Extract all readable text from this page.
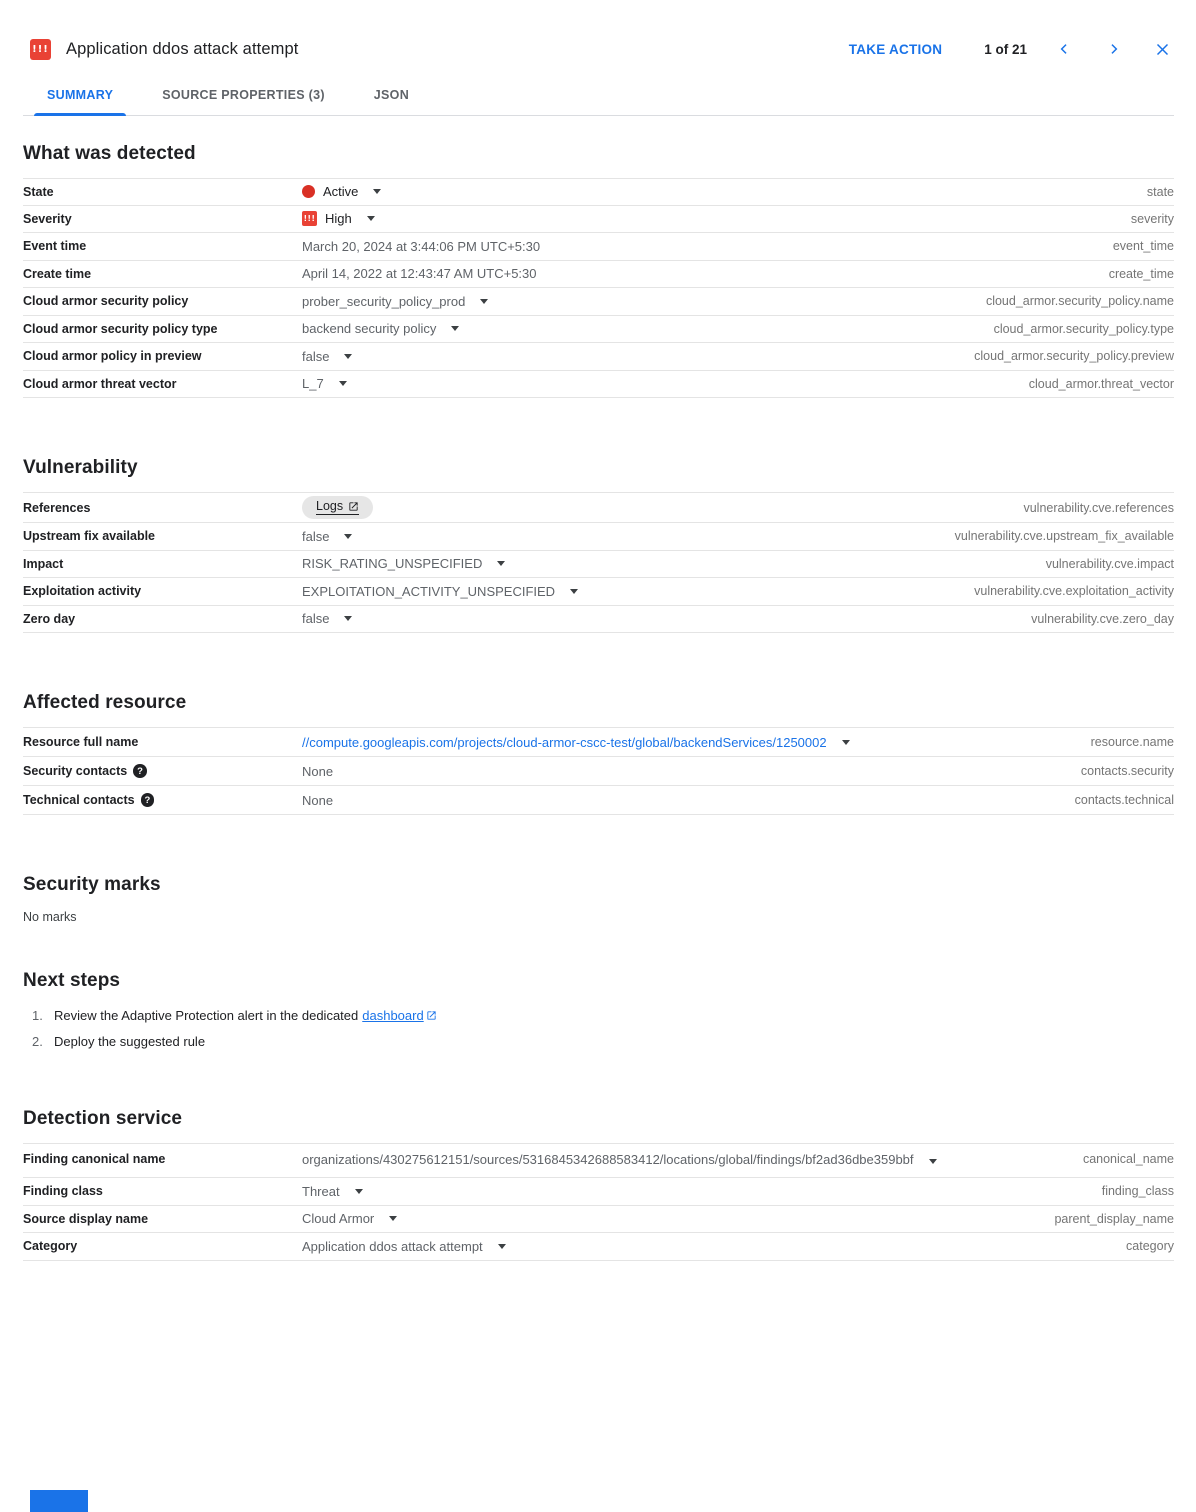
!!! Application ddos attack attempt	TAKE ACTION	1 of 21
SUMMARY	SOURCE PROPERTIES (3)	JSON
What was detected
State	Active	state
Severity	!!! High	severity
Event time	March 20, 2024 at 3:44:06 PM UTC+5:30	event_time
Create time	April 14, 2022 at 12:43:47 AM UTC+5:30	create_time
Cloud armor security policy	prober_security_policy_prod	cloud_armor.security_policy.name
Cloud armor security policy type	backend security policy	cloud_armor.security_policy.type
Cloud armor policy in preview	false	cloud_armor.security_policy.preview
Cloud armor threat vector	L_7	cloud_armor.threat_vector
Vulnerability
References	Logs	vulnerability.cve.references
Upstream fix available	false	vulnerability.cve.upstream_fix_available
Impact	RISK_RATING_UNSPECIFIED	vulnerability.cve.impact
Exploitation activity	EXPLOITATION_ACTIVITY_UNSPECIFIED	vulnerability.cve.exploitation_activity
Zero day	false	vulnerability.cve.zero_day
Affected resource
Resource full name	//compute.googleapis.com/projects/cloud-armor-cscc-test/global/backendServices/1250002	resource.name
Security contacts	?	None	contacts.security
Technical contacts	?	None	contacts.technical
Security marks
No marks
Next steps
1. Review the Adaptive Protection alert in the dedicated dashboard
2. Deploy the suggested rule
Detection service
Finding canonical name	organizations/430275612151/sources/5316845342688583412/locations/global/findings/bf2ad36dbe359bbf	canonical_name
Finding class	Threat	finding_class
Source display name	Cloud Armor	parent_display_name
Category	Application ddos attack attempt	category
